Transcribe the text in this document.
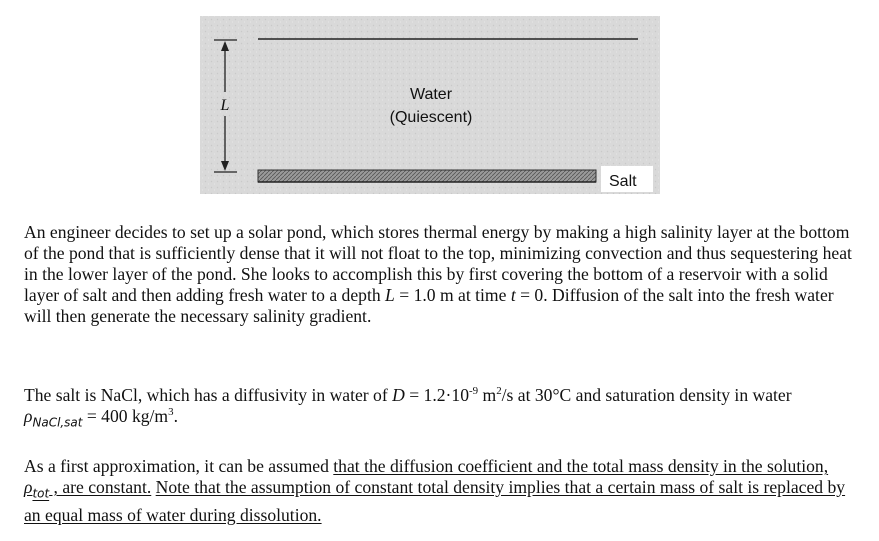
L
Water
(Quiescent)
Salt

An engineer decides to set up a solar pond, which stores thermal energy by making a high salinity layer at the bottom of the pond that is sufficiently dense that it will not float to the top, minimizing convection and thus sequestering heat in the lower layer of the pond. She looks to accomplish this by first covering the bottom of a reservoir with a solid layer of salt and then adding fresh water to a depth L = 1.0 m at time t = 0. Diffusion of the salt into the fresh water will then generate the necessary salinity gradient.

The salt is NaCl, which has a diffusivity in water of $D = 1.2\cdot 10^{-9}$ $m^2/s$ at 30°C and saturation density in water $\rho_{NaCl,sat} = 400$ $kg/m^3$.

As a first approximation, it can be assumed that the diffusion coefficient and the total mass density in the solution, $\rho_{tot}$ , are constant. Note that the assumption of constant total density implies that a certain mass of salt is replaced by an equal mass of water during dissolution.
